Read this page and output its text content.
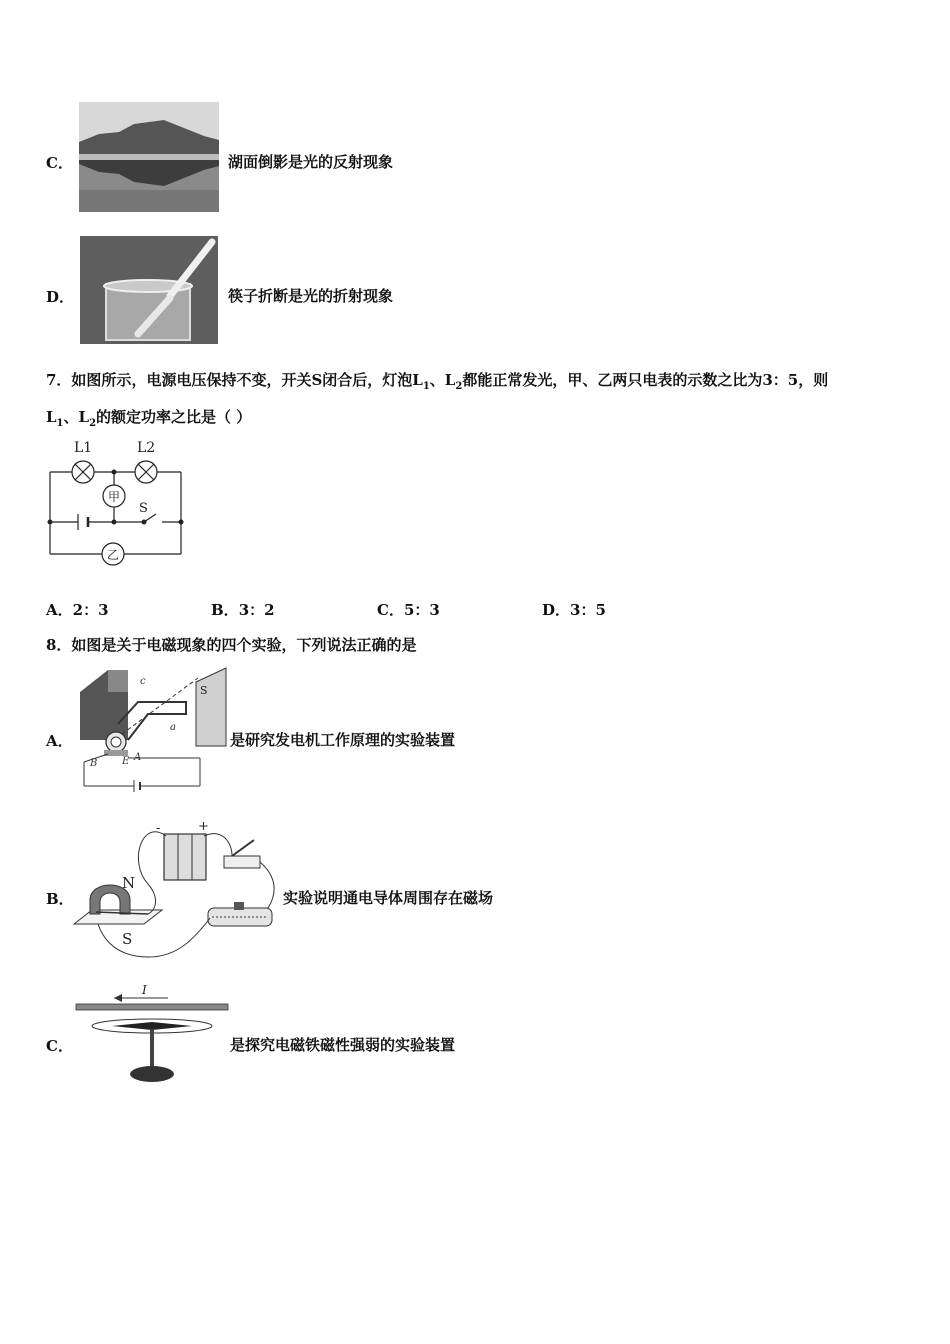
C．	湖面倒影是光的反射现象
D．	筷子折断是光的折射现象
7．如图所示，电源电压保持不变，开关S闭合后，灯泡$L_1$、$L_2$都能正常发光，甲、乙两只电表的示数之比为3：5，则
$L_1$、$L_2$的额定功率之比是（ ）
甲
乙
L1	L2
S
A．2：3	B．3：2	C．5：3	D．3：5
8．如图是关于电磁现象的四个实验，下列说法正确的是
A．
S
B E A
a
c
是研究发电机工作原理的实验装置
B．
-	+
N
S
实验说明通电导体周围存在磁场
C．
I
是探究电磁铁磁性强弱的实验装置
